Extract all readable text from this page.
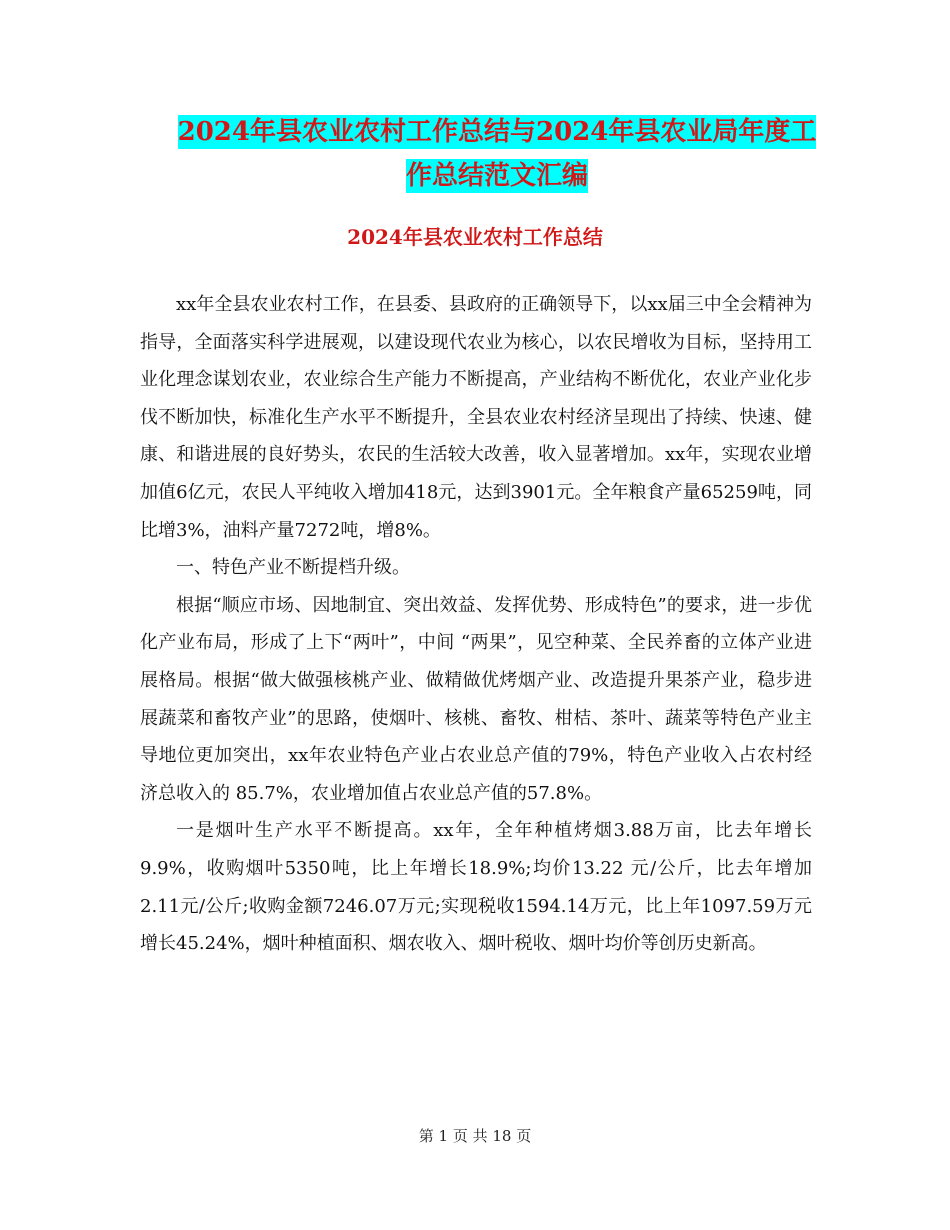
2024年县农业农村工作总结与2024年县农业局年度工
作总结范文汇编
2024年县农业农村工作总结

xx年全县农业农村工作，在县委、县政府的正确领导下，以xx届三中全会精神为指导，全面落实科学进展观，以建设现代农业为核心，以农民增收为目标，坚持用工业化理念谋划农业，农业综合生产能力不断提高，产业结构不断优化，农业产业化步伐不断加快，标准化生产水平不断提升，全县农业农村经济呈现出了持续、快速、健康、和谐进展的良好势头，农民的生活较大改善，收入显著增加。xx年，实现农业增加值6亿元，农民人平纯收入增加418元，达到3901元。全年粮食产量65259吨，同比增3%，油料产量7272吨，增8%。

一、特色产业不断提档升级。

根据“顺应市场、因地制宜、突出效益、发挥优势、形成特色”的要求，进一步优化产业布局，形成了上下“两叶”，中间 “两果”，见空种菜、全民养畜的立体产业进展格局。根据“做大做强核桃产业、做精做优烤烟产业、改造提升果茶产业，稳步进展蔬菜和畜牧产业”的思路，使烟叶、核桃、畜牧、柑桔、茶叶、蔬菜等特色产业主导地位更加突出，xx年农业特色产业占农业总产值的79%，特色产业收入占农村经济总收入的 85.7%，农业增加值占农业总产值的57.8%。

一是烟叶生产水平不断提高。xx年，全年种植烤烟3.88万亩，比去年增长9.9%，收购烟叶5350吨，比上年增长18.9%;均价13.22 元/公斤，比去年增加2.11元/公斤;收购金额7246.07万元;实现税收1594.14万元，比上年1097.59万元增长45.24%，烟叶种植面积、烟农收入、烟叶税收、烟叶均价等创历史新高。

第 1 页 共 18 页
